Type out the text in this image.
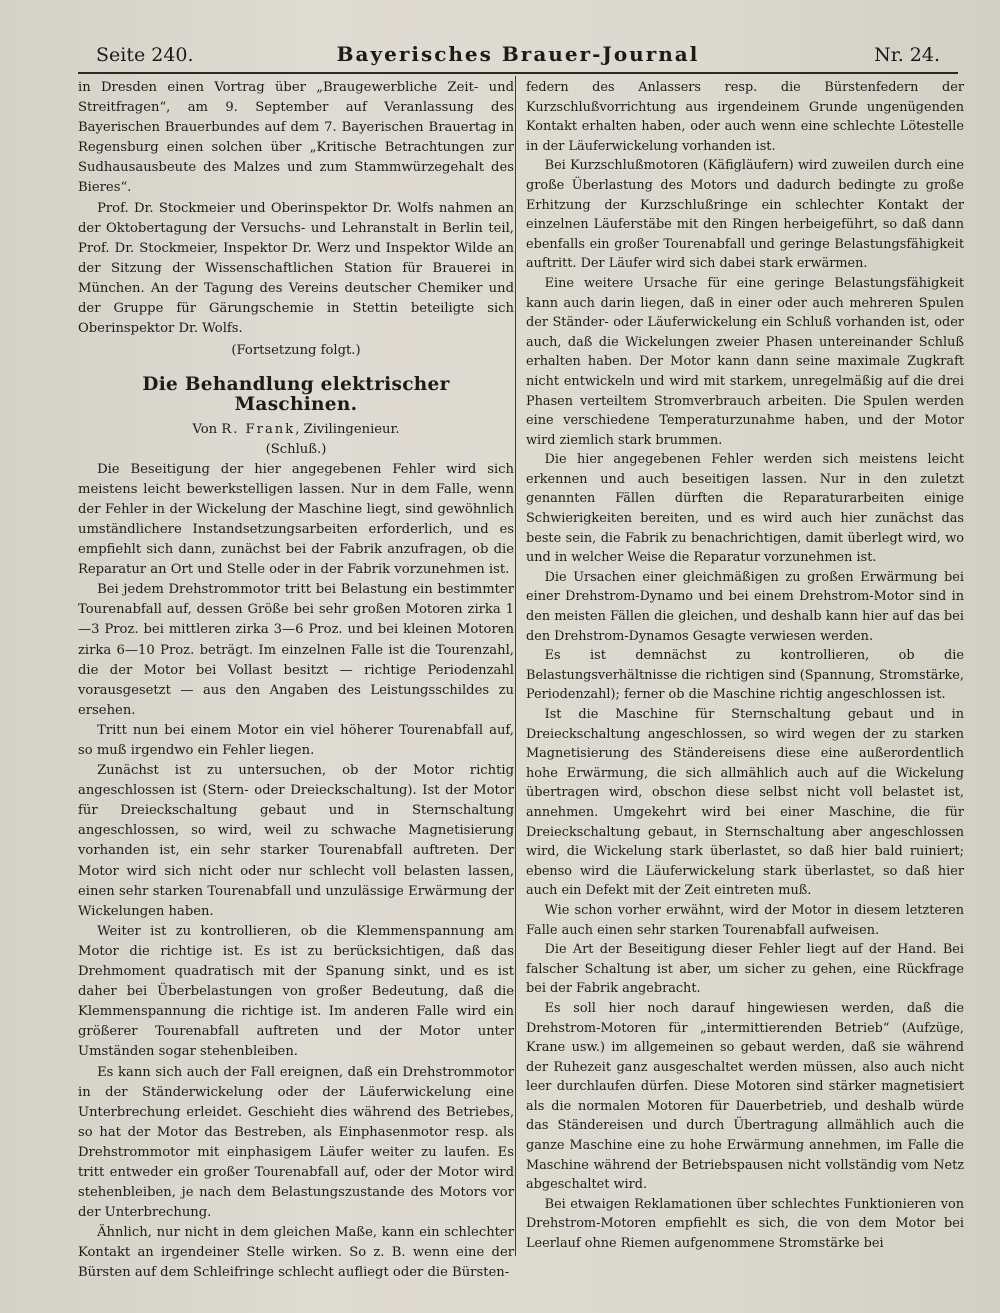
Seite 240.	Bayerisches Brauer-Journal	Nr. 24.

in Dresden einen Vortrag über „Braugewerbliche Zeit- und Streitfragen“, am 9. September auf Veranlassung des Bayerischen Brauerbundes auf dem 7. Bayerischen Brauertag in Regensburg einen solchen über „Kritische Betrachtungen zur Sudhausausbeute des Malzes und zum Stammwürzegehalt des Bieres“.

Prof. Dr. Stockmeier und Oberinspektor Dr. Wolfs nahmen an der Oktobertagung der Versuchs- und Lehranstalt in Berlin teil, Prof. Dr. Stockmeier, Inspektor Dr. Werz und Inspektor Wilde an der Sitzung der Wissenschaftlichen Station für Brauerei in München. An der Tagung des Vereins deutscher Chemiker und der Gruppe für Gärungschemie in Stettin beteiligte sich Oberinspektor Dr. Wolfs.

(Fortsetzung folgt.)

Die Behandlung elektrischer Maschinen.

Von R. Frank, Zivilingenieur.

(Schluß.)

Die Beseitigung der hier angegebenen Fehler wird sich meistens leicht bewerkstelligen lassen. Nur in dem Falle, wenn der Fehler in der Wickelung der Maschine liegt, sind gewöhnlich umständlichere Instandsetzungsarbeiten erforderlich, und es empfiehlt sich dann, zunächst bei der Fabrik anzufragen, ob die Reparatur an Ort und Stelle oder in der Fabrik vorzunehmen ist.

Bei jedem Drehstrommotor tritt bei Belastung ein bestimmter Tourenabfall auf, dessen Größe bei sehr großen Motoren zirka 1—3 Proz. bei mittleren zirka 3—6 Proz. und bei kleinen Motoren zirka 6—10 Proz. beträgt. Im einzelnen Falle ist die Tourenzahl, die der Motor bei Vollast besitzt — richtige Periodenzahl vorausgesetzt — aus den Angaben des Leistungsschildes zu ersehen.

Tritt nun bei einem Motor ein viel höherer Tourenabfall auf, so muß irgendwo ein Fehler liegen.

Zunächst ist zu untersuchen, ob der Motor richtig angeschlossen ist (Stern- oder Dreieckschaltung). Ist der Motor für Dreieckschaltung gebaut und in Sternschaltung angeschlossen, so wird, weil zu schwache Magnetisierung vorhanden ist, ein sehr starker Tourenabfall auftreten. Der Motor wird sich nicht oder nur schlecht voll belasten lassen, einen sehr starken Tourenabfall und unzulässige Erwärmung der Wickelungen haben.

Weiter ist zu kontrollieren, ob die Klemmenspannung am Motor die richtige ist. Es ist zu berücksichtigen, daß das Drehmoment quadratisch mit der Spanung sinkt, und es ist daher bei Überbelastungen von großer Bedeutung, daß die Klemmenspannung die richtige ist. Im anderen Falle wird ein größerer Tourenabfall auftreten und der Motor unter Umständen sogar stehenbleiben.

Es kann sich auch der Fall ereignen, daß ein Drehstrommotor in der Ständerwickelung oder der Läuferwickelung eine Unterbrechung erleidet. Geschieht dies während des Betriebes, so hat der Motor das Bestreben, als Einphasenmotor resp. als Drehstrommotor mit einphasigem Läufer weiter zu laufen. Es tritt entweder ein großer Tourenabfall auf, oder der Motor wird stehenbleiben, je nach dem Belastungszustande des Motors vor der Unterbrechung.

Ähnlich, nur nicht in dem gleichen Maße, kann ein schlechter Kontakt an irgendeiner Stelle wirken. So z. B. wenn eine der Bürsten auf dem Schleifringe schlecht aufliegt oder die Bürsten-

federn des Anlassers resp. die Bürstenfedern der Kurzschlußvorrichtung aus irgendeinem Grunde ungenügenden Kontakt erhalten haben, oder auch wenn eine schlechte Lötestelle in der Läuferwickelung vorhanden ist.

Bei Kurzschlußmotoren (Käfigläufern) wird zuweilen durch eine große Überlastung des Motors und dadurch bedingte zu große Erhitzung der Kurzschlußringe ein schlechter Kontakt der einzelnen Läuferstäbe mit den Ringen herbeigeführt, so daß dann ebenfalls ein großer Tourenabfall und geringe Belastungsfähigkeit auftritt. Der Läufer wird sich dabei stark erwärmen.

Eine weitere Ursache für eine geringe Belastungsfähigkeit kann auch darin liegen, daß in einer oder auch mehreren Spulen der Ständer- oder Läuferwickelung ein Schluß vorhanden ist, oder auch, daß die Wickelungen zweier Phasen untereinander Schluß erhalten haben. Der Motor kann dann seine maximale Zugkraft nicht entwickeln und wird mit starkem, unregelmäßig auf die drei Phasen verteiltem Stromverbrauch arbeiten. Die Spulen werden eine verschiedene Temperaturzunahme haben, und der Motor wird ziemlich stark brummen.

Die hier angegebenen Fehler werden sich meistens leicht erkennen und auch beseitigen lassen. Nur in den zuletzt genannten Fällen dürften die Reparaturarbeiten einige Schwierigkeiten bereiten, und es wird auch hier zunächst das beste sein, die Fabrik zu benachrichtigen, damit überlegt wird, wo und in welcher Weise die Reparatur vorzunehmen ist.

Die Ursachen einer gleichmäßigen zu großen Erwärmung bei einer Drehstrom-Dynamo und bei einem Drehstrom-Motor sind in den meisten Fällen die gleichen, und deshalb kann hier auf das bei den Drehstrom-Dynamos Gesagte verwiesen werden.

Es ist demnächst zu kontrollieren, ob die Belastungsverhältnisse die richtigen sind (Spannung, Stromstärke, Periodenzahl); ferner ob die Maschine richtig angeschlossen ist.

Ist die Maschine für Sternschaltung gebaut und in Dreieckschaltung angeschlossen, so wird wegen der zu starken Magnetisierung des Ständereisens diese eine außerordentlich hohe Erwärmung, die sich allmählich auch auf die Wickelung übertragen wird, obschon diese selbst nicht voll belastet ist, annehmen. Umgekehrt wird bei einer Maschine, die für Dreieckschaltung gebaut, in Sternschaltung aber angeschlossen wird, die Wickelung stark überlastet, so daß hier bald ruiniert; ebenso wird die Läuferwickelung stark überlastet, so daß hier auch ein Defekt mit der Zeit eintreten muß.

Wie schon vorher erwähnt, wird der Motor in diesem letzteren Falle auch einen sehr starken Tourenabfall aufweisen.

Die Art der Beseitigung dieser Fehler liegt auf der Hand. Bei falscher Schaltung ist aber, um sicher zu gehen, eine Rückfrage bei der Fabrik angebracht.

Es soll hier noch darauf hingewiesen werden, daß die Drehstrom-Motoren für „intermittierenden Betrieb“ (Aufzüge, Krane usw.) im allgemeinen so gebaut werden, daß sie während der Ruhezeit ganz ausgeschaltet werden müssen, also auch nicht leer durchlaufen dürfen. Diese Motoren sind stärker magnetisiert als die normalen Motoren für Dauerbetrieb, und deshalb würde das Ständereisen und durch Übertragung allmählich auch die ganze Maschine eine zu hohe Erwärmung annehmen, im Falle die Maschine während der Betriebspausen nicht vollständig vom Netz abgeschaltet wird.

Bei etwaigen Reklamationen über schlechtes Funktionieren von Drehstrom-Motoren empfiehlt es sich, die von dem Motor bei Leerlauf ohne Riemen aufgenommene Stromstärke bei
